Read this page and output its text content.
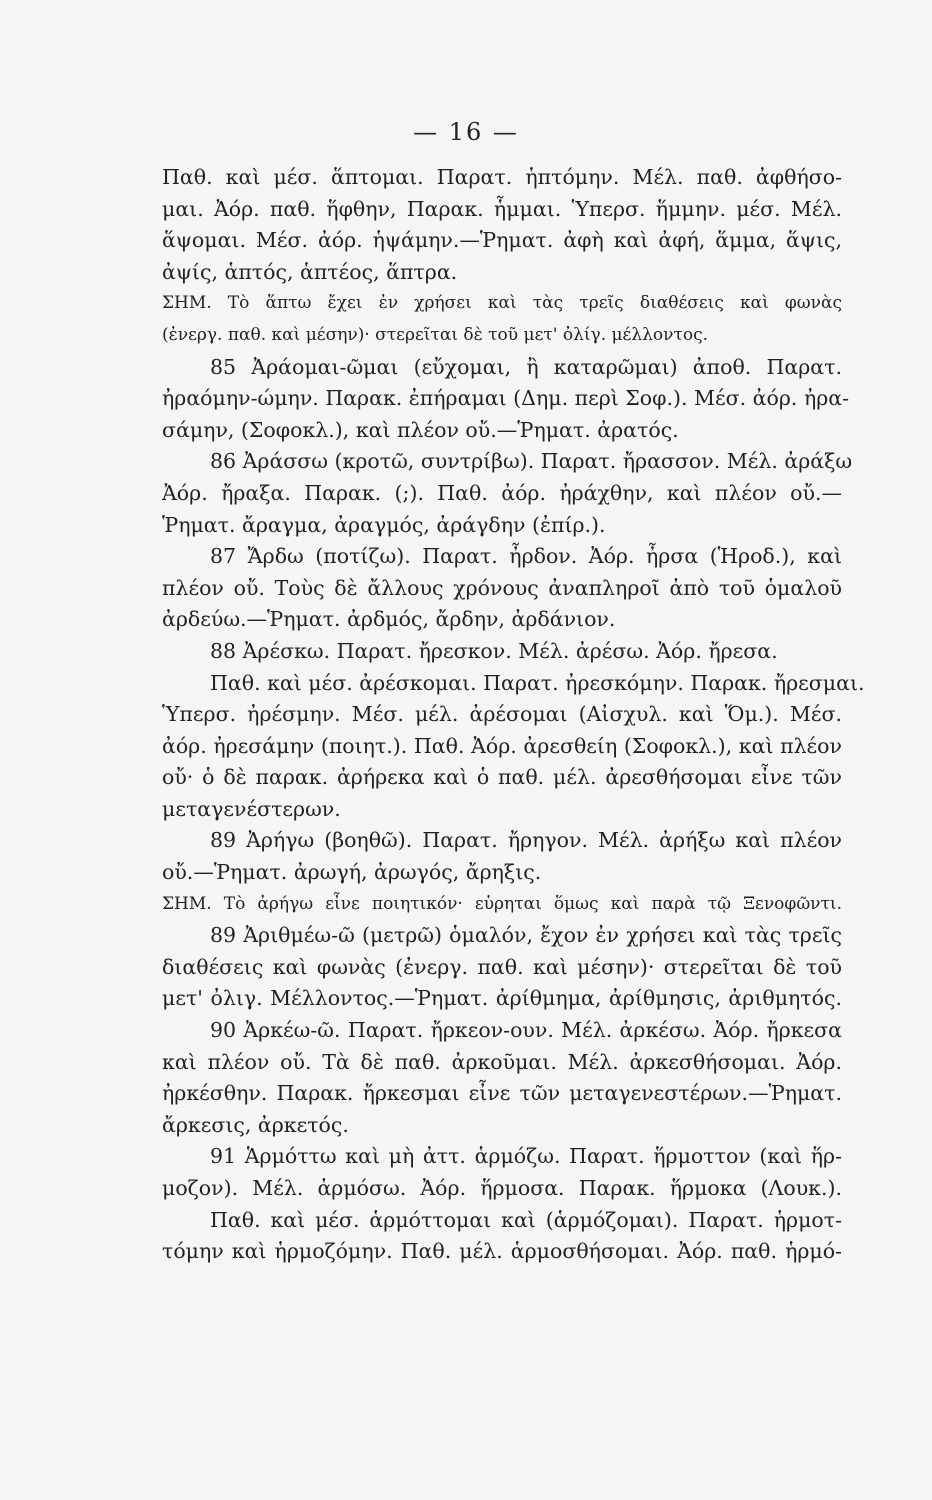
— 16 —
Παθ. καὶ μέσ. ἅπτομαι. Παρατ. ἡπτόμην. Μέλ. παθ. ἀφθήσο-
μαι. Ἀόρ. παθ. ἥφθην, Παρακ. ἧμμαι. Ὑπερσ. ἥμμην. μέσ. Μέλ.
ἅψομαι. Μέσ. ἀόρ. ἡψάμην.—Ῥηματ. ἀφὴ καὶ ἀφή, ἅμμα, ἅψις,
ἀψίς, ἁπτός, ἁπτέος, ἅπτρα.
ΣΗΜ. Τὸ ἅπτω ἔχει ἐν χρήσει καὶ τὰς τρεῖς διαθέσεις καὶ φωνὰς
(ἐνεργ. παθ. καὶ μέσην)· στερεῖται δὲ τοῦ μετ' ὀλίγ. μέλλοντος.
85 Ἀράομαι-ῶμαι (εὔχομαι, ἢ καταρῶμαι) ἀποθ. Παρατ.
ἠραόμην-ώμην. Παρακ. ἐπήραμαι (Δημ. περὶ Σοφ.). Μέσ. ἀόρ. ἠρα-
σάμην, (Σοφοκλ.), καὶ πλέον οὔ.—Ῥηματ. ἀρατός.
86 Ἀράσσω (κροτῶ, συντρίβω). Παρατ. ἤρασσον. Μέλ. ἀράξω
Ἀόρ. ἤραξα. Παρακ. (;). Παθ. ἀόρ. ἠράχθην, καὶ πλέον οὔ.—
Ῥηματ. ἄραγμα, ἀραγμός, ἀράγδην (ἐπίρ.).
87 Ἄρδω (ποτίζω). Παρατ. ἦρδον. Ἀόρ. ἦρσα (Ἡροδ.), καὶ
πλέον οὔ. Τοὺς δὲ ἄλλους χρόνους ἀναπληροῖ ἀπὸ τοῦ ὁμαλοῦ
ἀρδεύω.—Ῥηματ. ἀρδμός, ἄρδην, ἀρδάνιον.
88 Ἀρέσκω. Παρατ. ἤρεσκον. Μέλ. ἀρέσω. Ἀόρ. ἤρεσα.
Παθ. καὶ μέσ. ἀρέσκομαι. Παρατ. ἠρεσκόμην. Παρακ. ἤρεσμαι.
Ὑπερσ. ἠρέσμην. Μέσ. μέλ. ἀρέσομαι (Αἰσχυλ. καὶ Ὅμ.). Μέσ.
ἀόρ. ἠρεσάμην (ποιητ.). Παθ. Ἀόρ. ἀρεσθείη (Σοφοκλ.), καὶ πλέον
οὔ· ὁ δὲ παρακ. ἀρήρεκα καὶ ὁ παθ. μέλ. ἀρεσθήσομαι εἶνε τῶν
μεταγενέστερων.
89 Ἀρήγω (βοηθῶ). Παρατ. ἤρηγον. Μέλ. ἀρήξω καὶ πλέον
οὔ.—Ῥηματ. ἀρωγή, ἀρωγός, ἄρηξις.
ΣΗΜ. Τὸ ἀρήγω εἶνε ποιητικόν· εὑρηται ὅμως καὶ παρὰ τῷ Ξενοφῶντι.
89 Ἀριθμέω-ῶ (μετρῶ) ὁμαλόν, ἔχον ἐν χρήσει καὶ τὰς τρεῖς
διαθέσεις καὶ φωνὰς (ἐνεργ. παθ. καὶ μέσην)· στερεῖται δὲ τοῦ
μετ' ὀλιγ. Μέλλοντος.—Ῥηματ. ἀρίθμημα, ἀρίθμησις, ἀριθμητός.
90 Ἀρκέω-ῶ. Παρατ. ἤρκεον-ουν. Μέλ. ἀρκέσω. Ἀόρ. ἤρκεσα
καὶ πλέον οὔ. Τὰ δὲ παθ. ἀρκοῦμαι. Μέλ. ἀρκεσθήσομαι. Ἀόρ.
ἠρκέσθην. Παρακ. ἤρκεσμαι εἶνε τῶν μεταγενεστέρων.—Ῥηματ.
ἄρκεσις, ἀρκετός.
91 Ἁρμόττω καὶ μὴ ἀττ. ἁρμόζω. Παρατ. ἥρμοττον (καὶ ἥρ-
μοζον). Μέλ. ἁρμόσω. Ἀόρ. ἥρμοσα. Παρακ. ἥρμοκα (Λουκ.).
Παθ. καὶ μέσ. ἁρμόττομαι καὶ (ἁρμόζομαι). Παρατ. ἡρμοτ-
τόμην καὶ ἡρμοζόμην. Παθ. μέλ. ἁρμοσθήσομαι. Ἀόρ. παθ. ἡρμό-
